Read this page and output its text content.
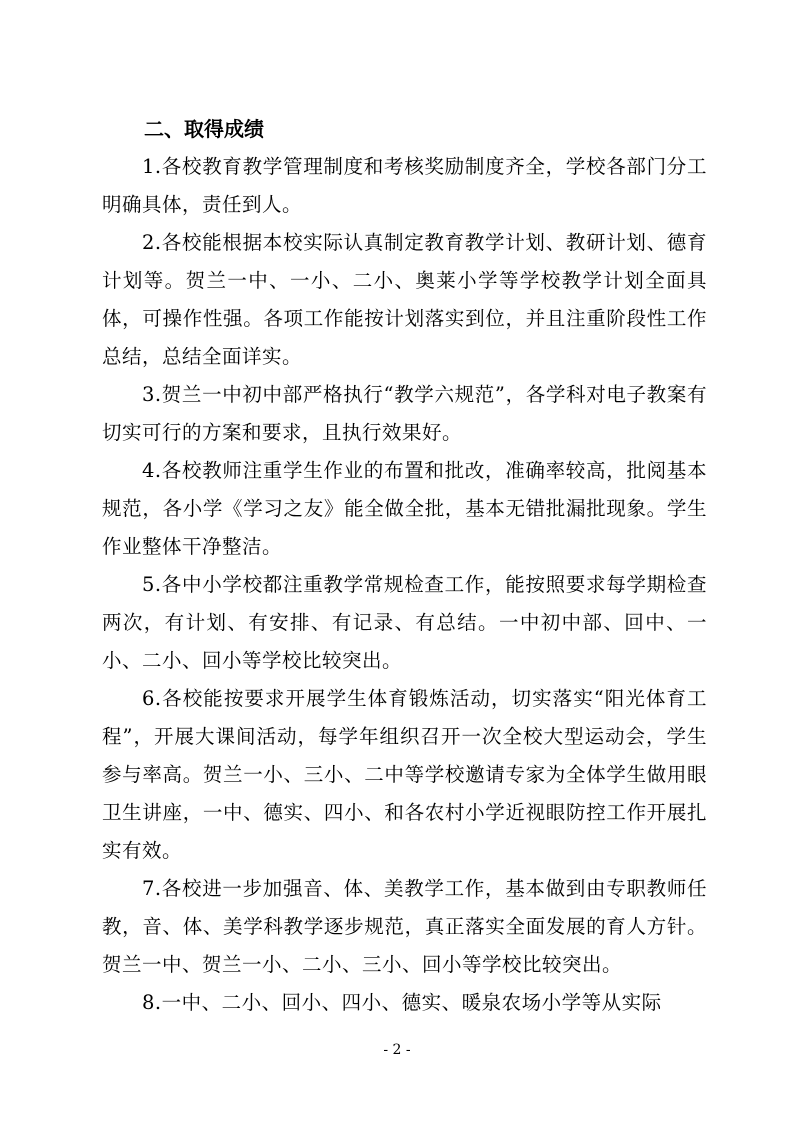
二、取得成绩

1.各校教育教学管理制度和考核奖励制度齐全，学校各部门分工明确具体，责任到人。

2.各校能根据本校实际认真制定教育教学计划、教研计划、德育计划等。贺兰一中、一小、二小、奥莱小学等学校教学计划全面具体，可操作性强。各项工作能按计划落实到位，并且注重阶段性工作总结，总结全面详实。

3.贺兰一中初中部严格执行“教学六规范”，各学科对电子教案有切实可行的方案和要求，且执行效果好。

4.各校教师注重学生作业的布置和批改，准确率较高，批阅基本规范，各小学《学习之友》能全做全批，基本无错批漏批现象。学生作业整体干净整洁。

5.各中小学校都注重教学常规检查工作，能按照要求每学期检查两次，有计划、有安排、有记录、有总结。一中初中部、回中、一小、二小、回小等学校比较突出。

6.各校能按要求开展学生体育锻炼活动，切实落实“阳光体育工程”，开展大课间活动，每学年组织召开一次全校大型运动会，学生参与率高。贺兰一小、三小、二中等学校邀请专家为全体学生做用眼卫生讲座，一中、德实、四小、和各农村小学近视眼防控工作开展扎实有效。

7.各校进一步加强音、体、美教学工作，基本做到由专职教师任教，音、体、美学科教学逐步规范，真正落实全面发展的育人方针。贺兰一中、贺兰一小、二小、三小、回小等学校比较突出。

8.一中、二小、回小、四小、德实、暖泉农场小学等从实际

- 2 -
